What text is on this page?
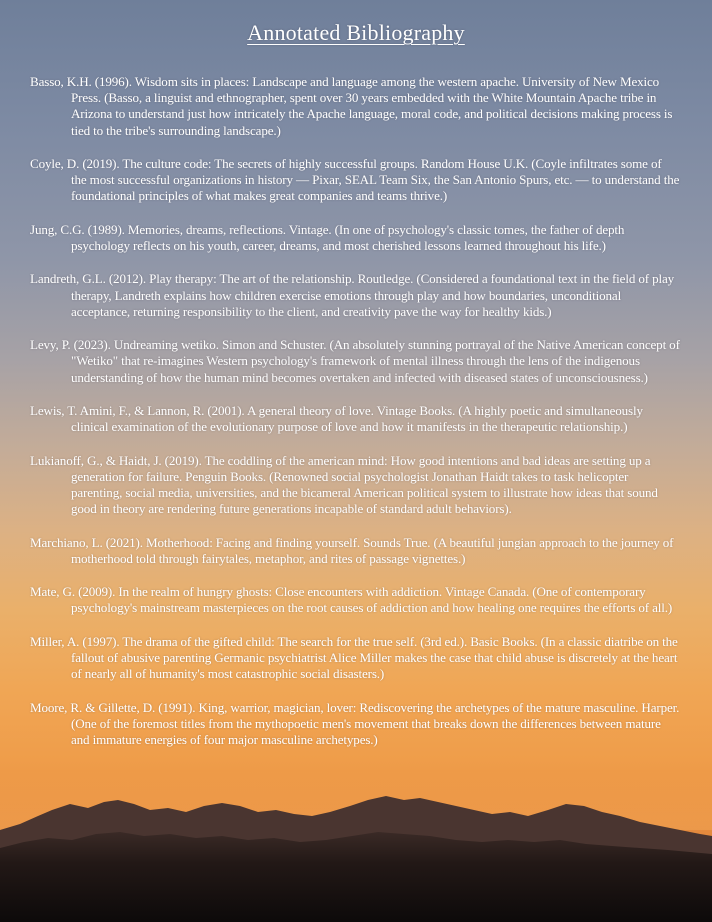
Annotated Bibliography

Basso, K.H. (1996). Wisdom sits in places: Landscape and language among the western apache. University of New Mexico Press. (Basso, a linguist and ethnographer, spent over 30 years embedded with the White Mountain Apache tribe in Arizona to understand just how intricately the Apache language, moral code, and political decisions making process is tied to the tribe's surrounding landscape.)

Coyle, D. (2019). The culture code: The secrets of highly successful groups. Random House U.K. (Coyle infiltrates some of the most successful organizations in history — Pixar, SEAL Team Six, the San Antonio Spurs, etc. — to understand the foundational principles of what makes great companies and teams thrive.)

Jung, C.G. (1989). Memories, dreams, reflections. Vintage. (In one of psychology's classic tomes, the father of depth psychology reflects on his youth, career, dreams, and most cherished lessons learned throughout his life.)

Landreth, G.L. (2012). Play therapy: The art of the relationship. Routledge. (Considered a foundational text in the field of play therapy, Landreth explains how children exercise emotions through play and how boundaries, unconditional acceptance, returning responsibility to the client, and creativity pave the way for healthy kids.)

Levy, P. (2023). Undreaming wetiko. Simon and Schuster. (An absolutely stunning portrayal of the Native American concept of "Wetiko" that re-imagines Western psychology's framework of mental illness through the lens of the indigenous understanding of how the human mind becomes overtaken and infected with diseased states of unconsciousness.)

Lewis, T. Amini, F., & Lannon, R. (2001). A general theory of love. Vintage Books. (A highly poetic and simultaneously clinical examination of the evolutionary purpose of love and how it manifests in the therapeutic relationship.)

Lukianoff, G., & Haidt, J. (2019). The coddling of the american mind: How good intentions and bad ideas are setting up a generation for failure. Penguin Books. (Renowned social psychologist Jonathan Haidt takes to task helicopter parenting, social media, universities, and the bicameral American political system to illustrate how ideas that sound good in theory are rendering future generations incapable of standard adult behaviors).

Marchiano, L. (2021). Motherhood: Facing and finding yourself. Sounds True. (A beautiful jungian approach to the journey of motherhood told through fairytales, metaphor, and rites of passage vignettes.)

Mate, G. (2009). In the realm of hungry ghosts: Close encounters with addiction. Vintage Canada. (One of contemporary psychology's mainstream masterpieces on the root causes of addiction and how healing one requires the efforts of all.)

Miller, A. (1997). The drama of the gifted child: The search for the true self. (3rd ed.). Basic Books. (In a classic diatribe on the fallout of abusive parenting Germanic psychiatrist Alice Miller makes the case that child abuse is discretely at the heart of nearly all of humanity's most catastrophic social disasters.)

Moore, R. & Gillette, D. (1991). King, warrior, magician, lover: Rediscovering the archetypes of the mature masculine. Harper. (One of the foremost titles from the mythopoetic men's movement that breaks down the differences between mature and immature energies of four major masculine archetypes.)
